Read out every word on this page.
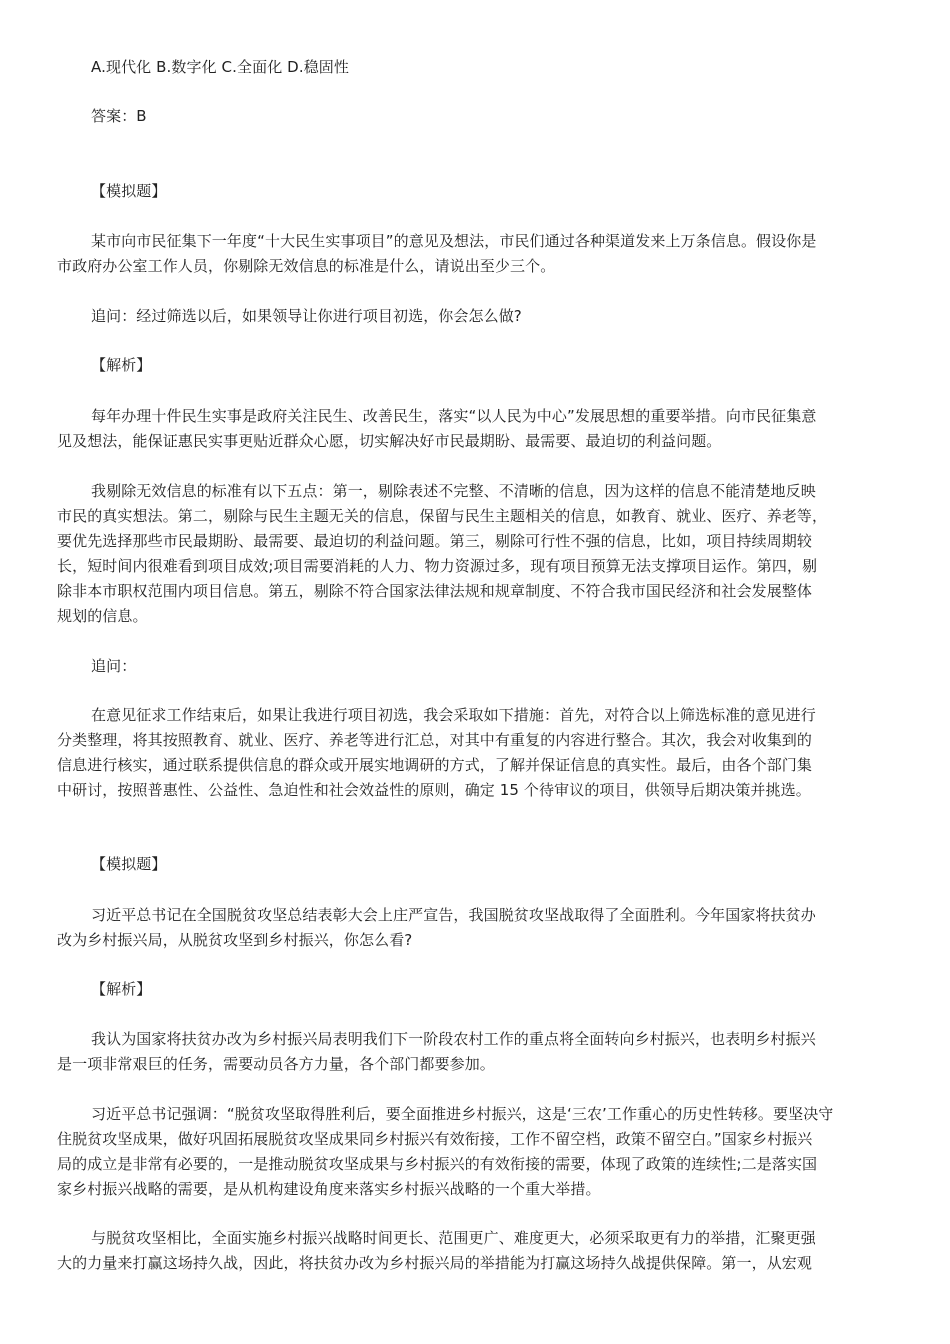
A.现代化 B.数字化 C.全面化 D.稳固性
答案：B
【模拟题】
某市向市民征集下一年度“十大民生实事项目”的意见及想法，市民们通过各种渠道发来上万条信息。假设你是
市政府办公室工作人员，你剔除无效信息的标准是什么，请说出至少三个。
追问：经过筛选以后，如果领导让你进行项目初选，你会怎么做?
【解析】
每年办理十件民生实事是政府关注民生、改善民生，落实“以人民为中心”发展思想的重要举措。向市民征集意
见及想法，能保证惠民实事更贴近群众心愿，切实解决好市民最期盼、最需要、最迫切的利益问题。
我剔除无效信息的标准有以下五点：第一，剔除表述不完整、不清晰的信息，因为这样的信息不能清楚地反映
市民的真实想法。第二，剔除与民生主题无关的信息，保留与民生主题相关的信息，如教育、就业、医疗、养老等，
要优先选择那些市民最期盼、最需要、最迫切的利益问题。第三，剔除可行性不强的信息，比如，项目持续周期较
长，短时间内很难看到项目成效;项目需要消耗的人力、物力资源过多，现有项目预算无法支撑项目运作。第四，剔
除非本市职权范围内项目信息。第五，剔除不符合国家法律法规和规章制度、不符合我市国民经济和社会发展整体
规划的信息。
追问：
在意见征求工作结束后，如果让我进行项目初选，我会采取如下措施：首先，对符合以上筛选标准的意见进行
分类整理，将其按照教育、就业、医疗、养老等进行汇总，对其中有重复的内容进行整合。其次，我会对收集到的
信息进行核实，通过联系提供信息的群众或开展实地调研的方式，了解并保证信息的真实性。最后，由各个部门集
中研讨，按照普惠性、公益性、急迫性和社会效益性的原则，确定 15 个待审议的项目，供领导后期决策并挑选。
【模拟题】
习近平总书记在全国脱贫攻坚总结表彰大会上庄严宣告，我国脱贫攻坚战取得了全面胜利。今年国家将扶贫办
改为乡村振兴局，从脱贫攻坚到乡村振兴，你怎么看?
【解析】
我认为国家将扶贫办改为乡村振兴局表明我们下一阶段农村工作的重点将全面转向乡村振兴，也表明乡村振兴
是一项非常艰巨的任务，需要动员各方力量，各个部门都要参加。
习近平总书记强调：“脱贫攻坚取得胜利后，要全面推进乡村振兴，这是‘三农’工作重心的历史性转移。要坚决守
住脱贫攻坚成果，做好巩固拓展脱贫攻坚成果同乡村振兴有效衔接，工作不留空档，政策不留空白。”国家乡村振兴
局的成立是非常有必要的，一是推动脱贫攻坚成果与乡村振兴的有效衔接的需要，体现了政策的连续性;二是落实国
家乡村振兴战略的需要，是从机构建设角度来落实乡村振兴战略的一个重大举措。
与脱贫攻坚相比，全面实施乡村振兴战略时间更长、范围更广、难度更大，必须采取更有力的举措，汇聚更强
大的力量来打赢这场持久战，因此，将扶贫办改为乡村振兴局的举措能为打赢这场持久战提供保障。第一，从宏观
